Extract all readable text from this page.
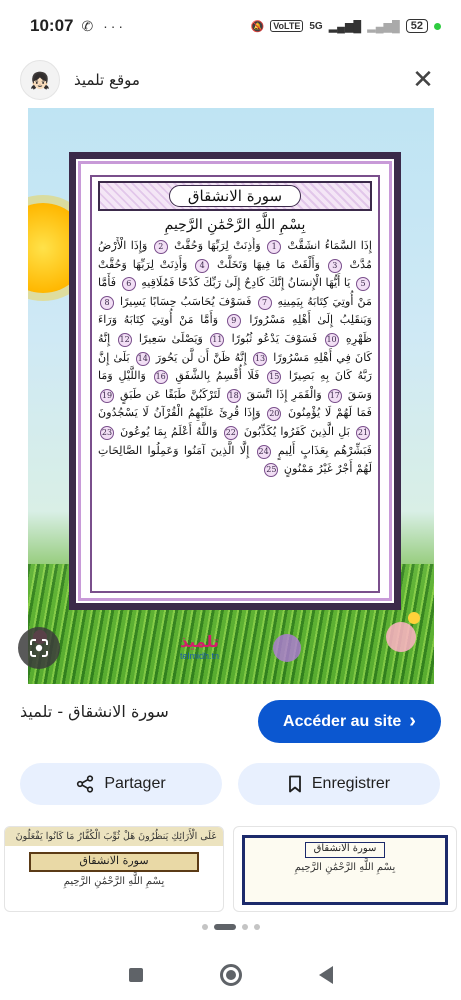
10:07 ✆ ···	🔕	VoLTE 5G ▂▄▆█ ▂▄▆█	52
👧🏻	موقع تلميذ	✕
سورة الانشقاق
بِسْمِ اللَّهِ الرَّحْمَٰنِ الرَّحِيمِ
إِذَا السَّمَاءُ انشَقَّتْ 1 وَأَذِنَتْ لِرَبِّهَا وَحُقَّتْ 2 وَإِذَا الْأَرْضُ مُدَّتْ 3 وَأَلْقَتْ مَا فِيهَا وَتَخَلَّتْ 4 وَأَذِنَتْ لِرَبِّهَا وَحُقَّتْ 5 يَا أَيُّهَا الْإِنسَانُ إِنَّكَ كَادِحٌ إِلَىٰ رَبِّكَ كَدْحًا فَمُلَاقِيهِ 6 فَأَمَّا مَنْ أُوتِيَ كِتَابَهُ بِيَمِينِهِ 7 فَسَوْفَ يُحَاسَبُ حِسَابًا يَسِيرًا 8 وَيَنقَلِبُ إِلَىٰ أَهْلِهِ مَسْرُورًا 9 وَأَمَّا مَنْ أُوتِيَ كِتَابَهُ وَرَاءَ ظَهْرِهِ 10 فَسَوْفَ يَدْعُو ثُبُورًا 11 وَيَصْلَىٰ سَعِيرًا 12 إِنَّهُ كَانَ فِي أَهْلِهِ مَسْرُورًا 13 إِنَّهُ ظَنَّ أَن لَّن يَحُورَ 14 بَلَىٰ إِنَّ رَبَّهُ كَانَ بِهِ بَصِيرًا 15 فَلَا أُقْسِمُ بِالشَّفَقِ 16 وَاللَّيْلِ وَمَا وَسَقَ 17 وَالْقَمَرِ إِذَا اتَّسَقَ 18 لَتَرْكَبُنَّ طَبَقًا عَن طَبَقٍ 19 فَمَا لَهُمْ لَا يُؤْمِنُونَ 20 وَإِذَا قُرِئَ عَلَيْهِمُ الْقُرْآنُ لَا يَسْجُدُونَ 21 بَلِ الَّذِينَ كَفَرُوا يُكَذِّبُونَ 22 وَاللَّهُ أَعْلَمُ بِمَا يُوعُونَ 23 فَبَشِّرْهُم بِعَذَابٍ أَلِيمٍ 24 إِلَّا الَّذِينَ آمَنُوا وَعَمِلُوا الصَّالِحَاتِ لَهُمْ أَجْرٌ غَيْرُ مَمْنُونٍ 25
تلميذ
telmidh.tn
سورة الانشقاق - تلميذ	Accéder au site ›
Partager	Enregistrer
عَلَى الْأَرَائِكِ يَنظُرُونَ هَلْ ثُوِّبَ الْكُفَّارُ مَا كَانُوا يَفْعَلُونَ
سورة الانشقاق
بِسْمِ اللَّهِ الرَّحْمَٰنِ الرَّحِيمِ
سورة الانشقاق
بِسْمِ اللَّهِ الرَّحْمَٰنِ الرَّحِيمِ
